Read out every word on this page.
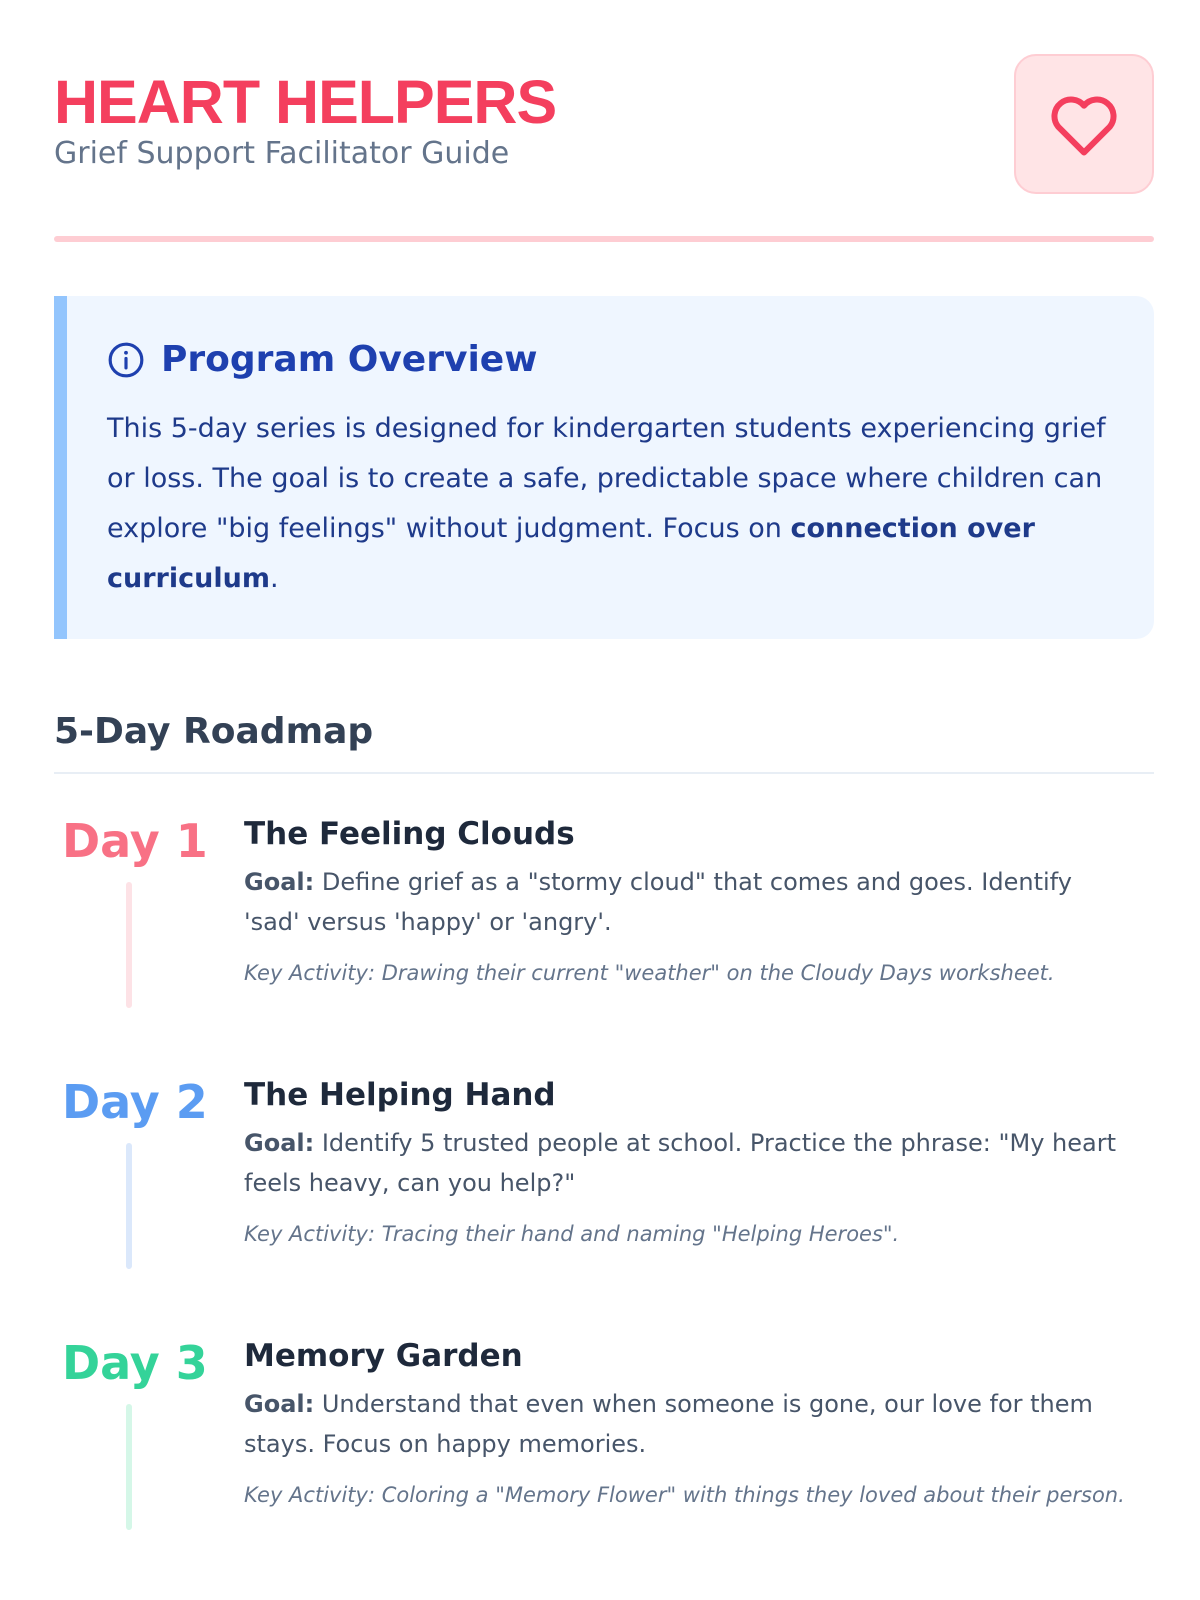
HEART HELPERS
Grief Support Facilitator Guide
Program Overview

This 5-day series is designed for kindergarten students experiencing grief or loss. The goal is to create a safe, predictable space where children can explore "big feelings" without judgment. Focus on connection over curriculum.

5-Day Roadmap
Day 1 The Feeling Clouds

Goal: Define grief as a "stormy cloud" that comes and goes. Identify 'sad' versus 'happy' or 'angry'.

Key Activity: Drawing their current "weather" on the Cloudy Days worksheet.
Day 2 The Helping Hand

Goal: Identify 5 trusted people at school. Practice the phrase: "My heart feels heavy, can you help?"

Key Activity: Tracing their hand and naming "Helping Heroes".
Day 3 Memory Garden

Goal: Understand that even when someone is gone, our love for them stays. Focus on happy memories.

Key Activity: Coloring a "Memory Flower" with things they loved about their person.
